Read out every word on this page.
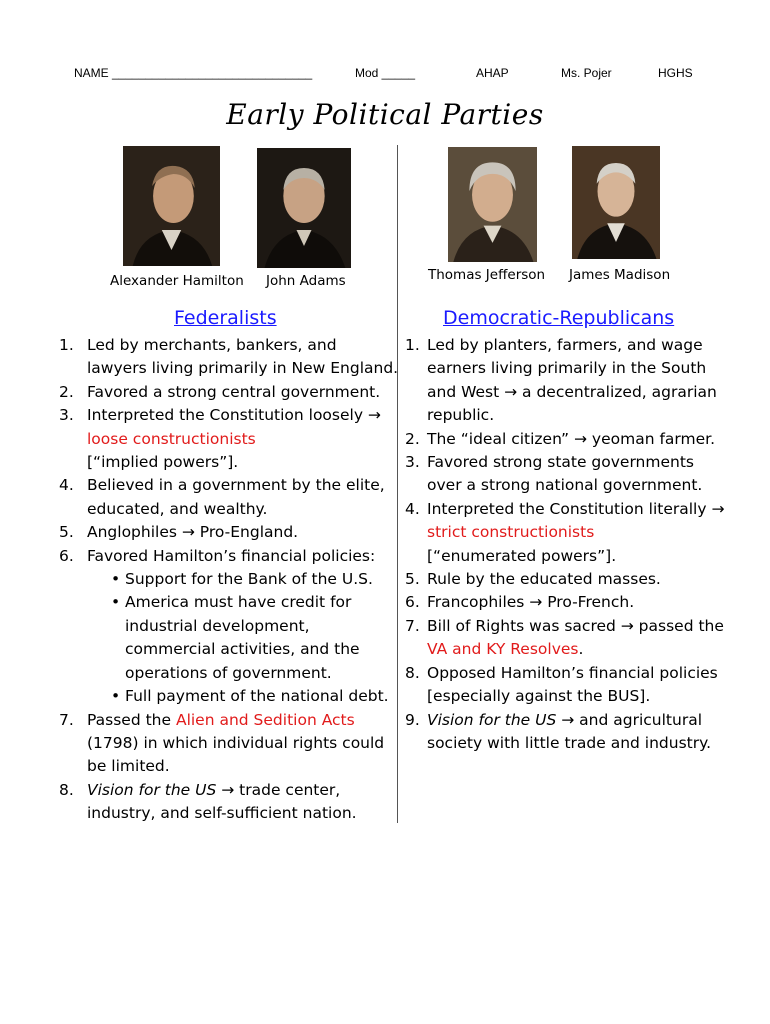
NAME ______________________________	Mod _____	AHAP	Ms. Pojer	HGHS
Early Political Parties
Alexander Hamilton John Adams	Thomas Jefferson James Madison
Federalists
1. Led by merchants, bankers, and lawyers living primarily in New England.
2. Favored a strong central government.
3. Interpreted the Constitution loosely → loose constructionists
[“implied powers”].
4. Believed in a government by the elite, educated, and wealthy.
5. Anglophiles → Pro-England.
6. Favored Hamilton’s financial policies:
• Support for the Bank of the U.S.
• America must have credit for industrial development, commercial activities, and the operations of government.
• Full payment of the national debt.
7. Passed the Alien and Sedition Acts (1798) in which individual rights could be limited.
8. Vision for the US → trade center, industry, and self-sufficient nation.
Democratic-Republicans
1. Led by planters, farmers, and wage earners living primarily in the South and West → a decentralized, agrarian republic.
2. The “ideal citizen” → yeoman farmer.
3. Favored strong state governments over a strong national government.
4. Interpreted the Constitution literally → strict constructionists
[“enumerated powers”].
5. Rule by the educated masses.
6. Francophiles → Pro-French.
7. Bill of Rights was sacred → passed the VA and KY Resolves.
8. Opposed Hamilton’s financial policies [especially against the BUS].
9. Vision for the US → and agricultural society with little trade and industry.
